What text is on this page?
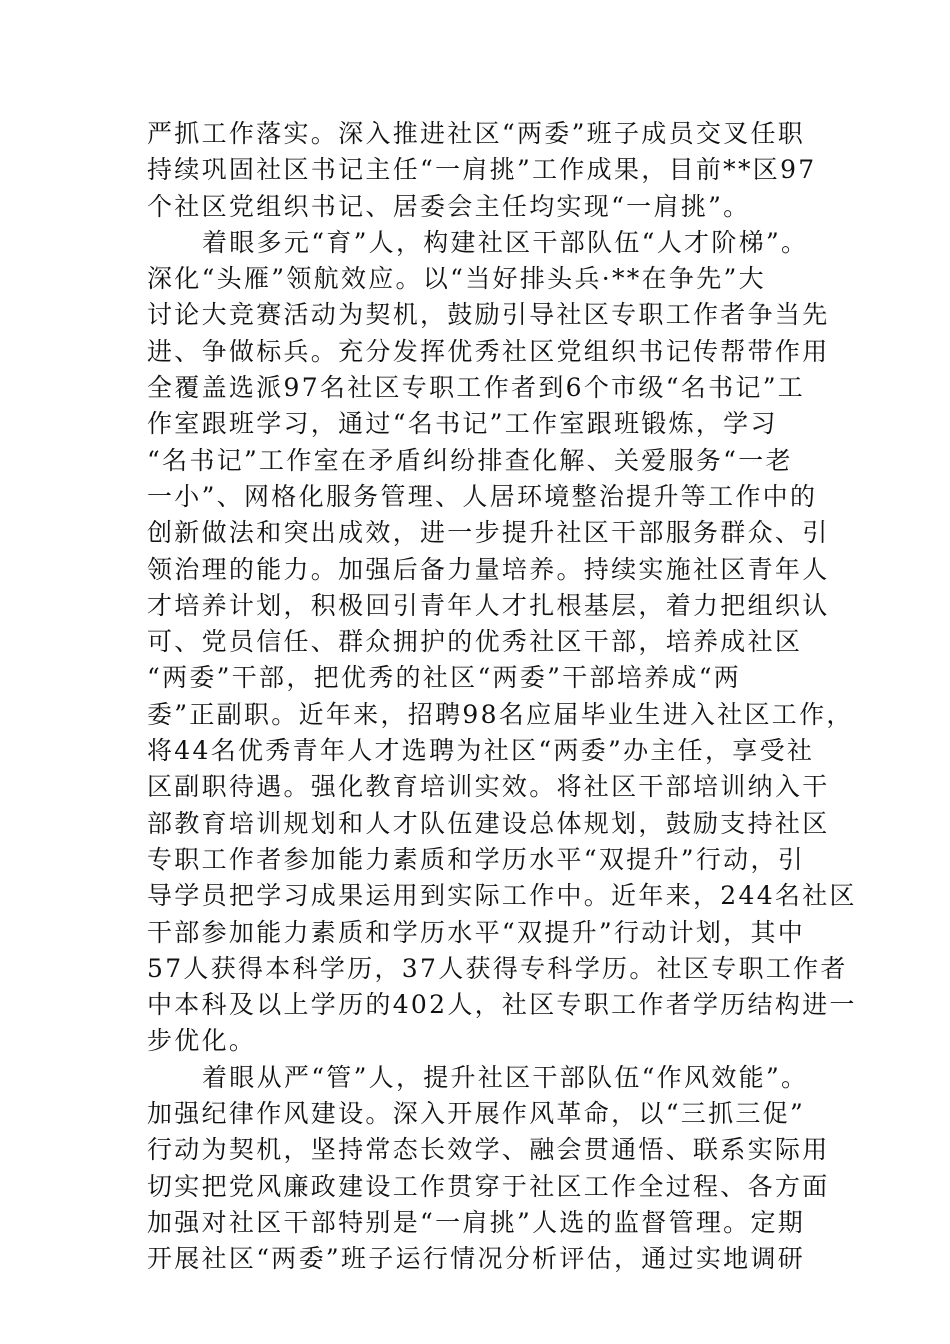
严抓工作落实。深入推进社区“两委”班子成员交叉任职
持续巩固社区书记主任“一肩挑”工作成果，目前**区97
个社区党组织书记、居委会主任均实现“一肩挑”。
着眼多元“育”人，构建社区干部队伍“人才阶梯”。
深化“头雁”领航效应。以“当好排头兵·**在争先”大
讨论大竞赛活动为契机，鼓励引导社区专职工作者争当先
进、争做标兵。充分发挥优秀社区党组织书记传帮带作用
全覆盖选派97名社区专职工作者到6个市级“名书记”工
作室跟班学习，通过“名书记”工作室跟班锻炼，学习
“名书记”工作室在矛盾纠纷排查化解、关爱服务“一老
一小”、网格化服务管理、人居环境整治提升等工作中的
创新做法和突出成效，进一步提升社区干部服务群众、引
领治理的能力。加强后备力量培养。持续实施社区青年人
才培养计划，积极回引青年人才扎根基层，着力把组织认
可、党员信任、群众拥护的优秀社区干部，培养成社区
“两委”干部，把优秀的社区“两委”干部培养成“两
委”正副职。近年来，招聘98名应届毕业生进入社区工作，
将44名优秀青年人才选聘为社区“两委”办主任，享受社
区副职待遇。强化教育培训实效。将社区干部培训纳入干
部教育培训规划和人才队伍建设总体规划，鼓励支持社区
专职工作者参加能力素质和学历水平“双提升”行动，引
导学员把学习成果运用到实际工作中。近年来，244名社区
干部参加能力素质和学历水平“双提升”行动计划，其中
57人获得本科学历，37人获得专科学历。社区专职工作者
中本科及以上学历的402人，社区专职工作者学历结构进一
步优化。
着眼从严“管”人，提升社区干部队伍“作风效能”。
加强纪律作风建设。深入开展作风革命，以“三抓三促”
行动为契机，坚持常态长效学、融会贯通悟、联系实际用
切实把党风廉政建设工作贯穿于社区工作全过程、各方面
加强对社区干部特别是“一肩挑”人选的监督管理。定期
开展社区“两委”班子运行情况分析评估，通过实地调研
